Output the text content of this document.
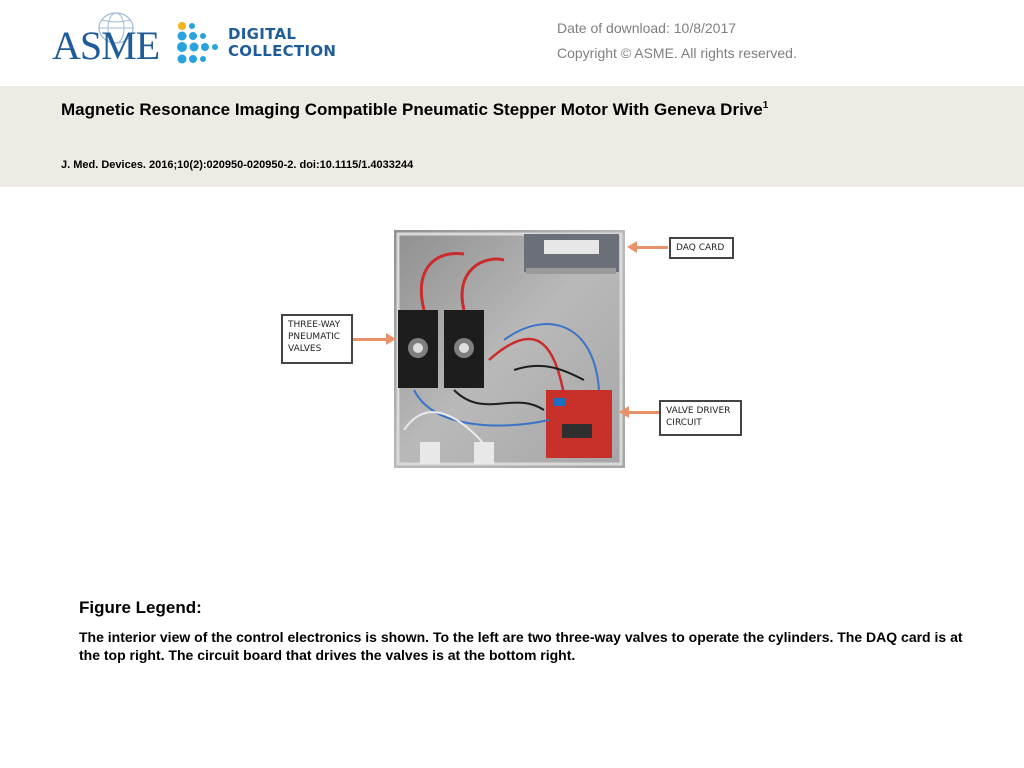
ASME	DIGITAL
COLLECTION
Date of download: 10/8/2017
Copyright © ASME. All rights reserved.
Magnetic Resonance Imaging Compatible Pneumatic Stepper Motor With Geneva Drive$^1$
J. Med. Devices. 2016;10(2):020950-020950-2. doi:10.1115/1.4033244
DAQ CARD
THREE-WAY
PNEUMATIC
VALVES
VALVE DRIVER
CIRCUIT
Figure Legend:
The interior view of the control electronics is shown. To the left are two three-way valves to operate the cylinders. The DAQ card is at the top right. The circuit board that drives the valves is at the bottom right.
